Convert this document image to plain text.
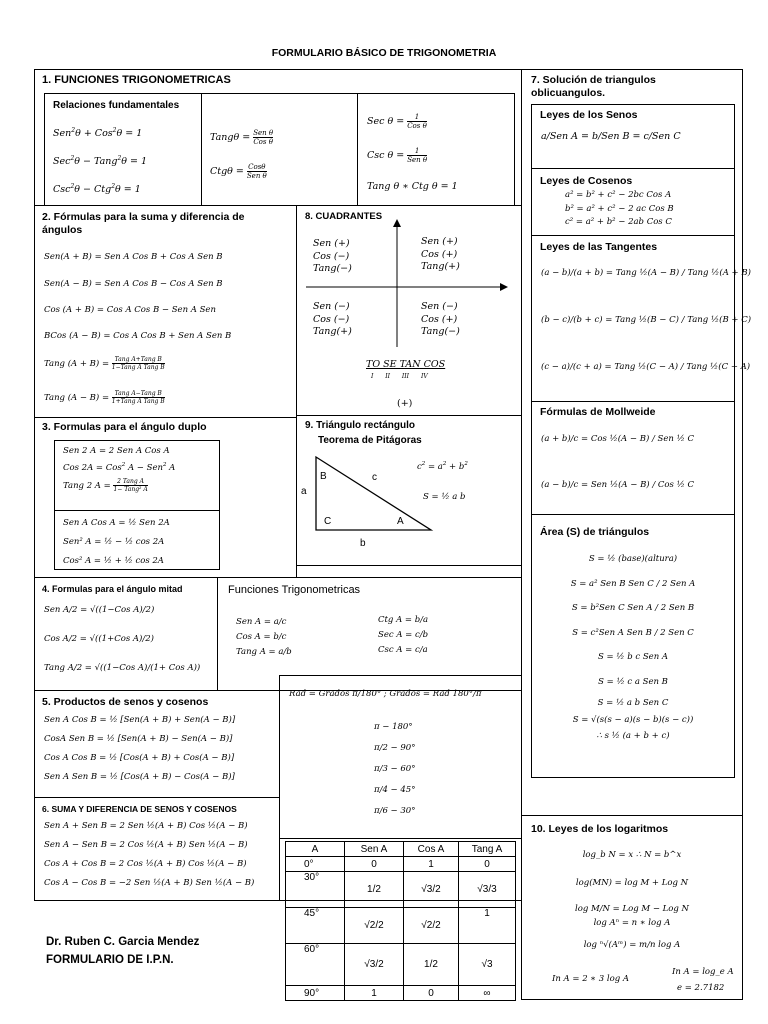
FORMULARIO BÁSICO DE TRIGONOMETRIA
1. FUNCIONES TRIGONOMETRICAS
Relaciones fundamentales
Sen$^2$θ + Cos$^2$θ = 1
Sec$^2$θ − Tang$^2$θ = 1
Csc$^2$θ − Ctg$^2$θ = 1
Tangθ = Sen θ
Cos θ
Ctgθ = Cosθ
Sen θ
Sec θ =	1
Cos θ
Csc θ =	1
Sen θ
Tang θ ∗ Ctg θ = 1
2. Fórmulas para la suma y diferencia de ángulos
Sen(A + B) = Sen A Cos B + Cos A Sen B
Sen(A − B) = Sen A Cos B − Cos A Sen B
Cos (A + B) = Cos A Cos B − Sen A Sen
BCos (A − B) = Cos A Cos B + Sen A Sen B
Tang (A + B) = Tang A+Tang B
1−Tang A Tang B
Tang (A − B) = Tang A−Tang B
1+Tang A Tang B
8. CUADRANTES
Sen (+)
Cos (−)
Tang(−)
Sen (+)
Cos (+)
Tang(+)
Sen (−)
Cos (−)
Tang(+)
Sen (−)
Cos (+)
Tang(−)
TO SE TAN COS
I II III IV
(+)
3. Formulas para el ángulo duplo
Sen 2 A = 2 Sen A Cos A
Cos 2A = Cos$^2$ A − Sen$^2$ A
Tang 2 A = 2 Tang A
1− Tang² A
Sen A Cos A = ½ Sen 2A
Sen² A = ½ − ½ cos 2A
Cos² A = ½ + ½ cos 2A
9. Triángulo rectángulo
Teorema de Pitágoras
B
C	A
c
a
b
$c^2 = a^2 + b^2$
S = ½ a b
4. Formulas para el ángulo mitad
Sen A/2 = √((1−Cos A)/2)
Cos A/2 = √((1+Cos A)/2)
Tang A/2 = √((1−Cos A)/(1+ Cos A))
Funciones Trigonometricas
Sen A = a/c
Cos A = b/c
Tang A = a/b
Ctg A = b/a
Sec A = c/b
Csc A = c/a
5. Productos de senos y cosenos
Sen A Cos B = ½ [Sen(A + B) + Sen(A − B)]
CosA Sen B = ½ [Sen(A + B) − Sen(A − B)]
Cos A Cos B = ½ [Cos(A + B) + Cos(A − B)]
Sen A Sen B = ½ [Cos(A + B) − Cos(A − B)]
6. SUMA Y DIFERENCIA DE SENOS Y COSENOS
Sen A + Sen B = 2 Sen ½(A + B) Cos ½(A − B)
Sen A − Sen B = 2 Cos ½(A + B) Sen ½(A − B)
Cos A + Cos B = 2 Cos ½(A + B) Cos ½(A − B)
Cos A − Cos B = −2 Sen ½(A + B) Sen ½(A − B)
Rad = Grados π/180° ; Grados = Rad 180°/π
π − 180°
π/2 − 90°
π/3 − 60°
π/4 − 45°
π/6 − 30°
A	Sen A	Cos A	Tang A
0°	0	1	0
30°	1/2	√3/2	√3/3
45°	√2/2	√2/2	1
60°	√3/2	1/2	√3
90°	1	0	∞
Dr. Ruben C. Garcia Mendez
FORMULARIO DE I.P.N.
7. Solución de triangulos oblicuangulos.
Leyes de los Senos
a/Sen A = b/Sen B = c/Sen C
Leyes de Cosenos
a² = b² + c² − 2bc Cos A
b² = a² + c² − 2 ac Cos B
c² = a² + b² − 2ab Cos C
Leyes de las Tangentes
(a − b)/(a + b) = Tang ½(A − B) / Tang ½(A + B)
(b − c)/(b + c) = Tang ½(B − C) / Tang ½(B + C)
(c − a)/(c + a) = Tang ½(C − A) / Tang ½(C + A)
Fórmulas de Mollweide
(a + b)/c = Cos ½(A − B) / Sen ½ C
(a − b)/c = Sen ½(A − B) / Cos ½ C
Área (S) de triángulos
S = ½ (base)(altura)
S = a² Sen B Sen C / 2 Sen A
S = b²Sen C Sen A / 2 Sen B
S = c²Sen A Sen B / 2 Sen C
S = ½ b c Sen A
S = ½ c a Sen B
S = ½ a b Sen C
S = √(s(s − a)(s − b)(s − c))
∴ s ½ (a + b + c)
10. Leyes de los logaritmos
log_b N = x ∴ N = b^x
log(MN) = log M + Log N
log M/N = Log M − Log N
log Aⁿ = n ∗ log A
log ⁿ√(Aᵐ) = m/n log A
In A = 2 ∗ 3 log A
In A = log_e A
e = 2.7182
